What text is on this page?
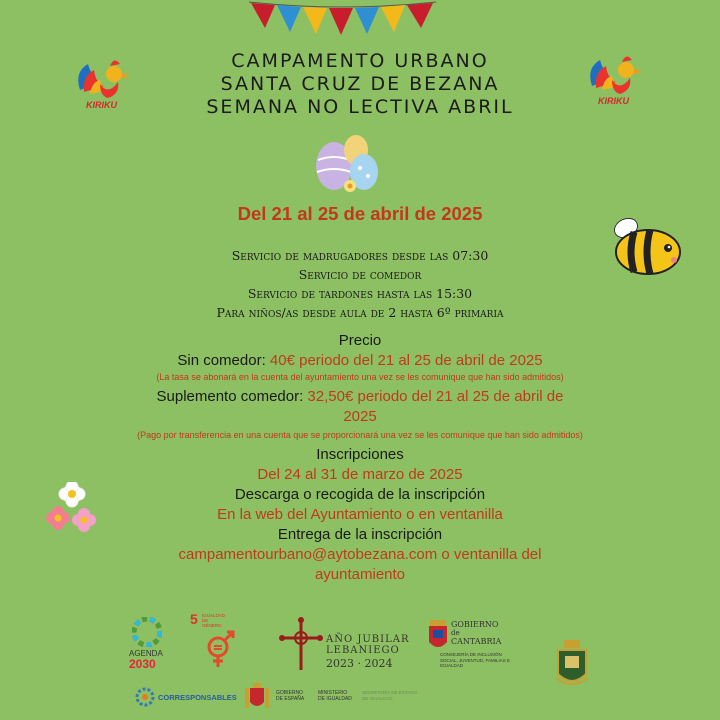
KIRIKU	KIRIKU
CAMPAMENTO URBANO
SANTA CRUZ DE BEZANA
SEMANA NO LECTIVA ABRIL
Del 21 al 25 de abril de 2025
Servicio de madrugadores desde las 07:30
Servicio de comedor
Servicio de tardones hasta las 15:30
Para niños/as desde aula de 2 hasta 6º primaria

Precio

Sin comedor: 40€ periodo del 21 al 25 de abril de 2025

(La tasa se abonará en la cuenta del ayuntamiento una vez se les comunique que han sido admitidos)

Suplemento comedor: 32,50€ periodo del 21 al 25 de abril de 2025

(Pago por transferencia en una cuenta que se proporcionará una vez se les comunique que han sido admitidos)

Inscripciones

Del 24 al 31 de marzo de 2025

Descarga o recogida de la inscripción

En la web del Ayuntamiento o en ventanilla

Entrega de la inscripción

campamentourbano@aytobezana.com o ventanilla del ayuntamiento

AGENDA
2030
5 IGUALDAD DE GÉNERO
AÑO JUBILAR
LEBANIEGO
2023 · 2024
GOBIERNO
de
CANTABRIA
CONSEJERÍA DE INCLUSIÓN SOCIAL, JUVENTUD, FAMILIAS E IGUALDAD
CORRESPONSABLES	GOBIERNO DE ESPAÑA
MINISTERIO DE IGUALDAD
SECRETARÍA DE ESTADO DE IGUALDAD
